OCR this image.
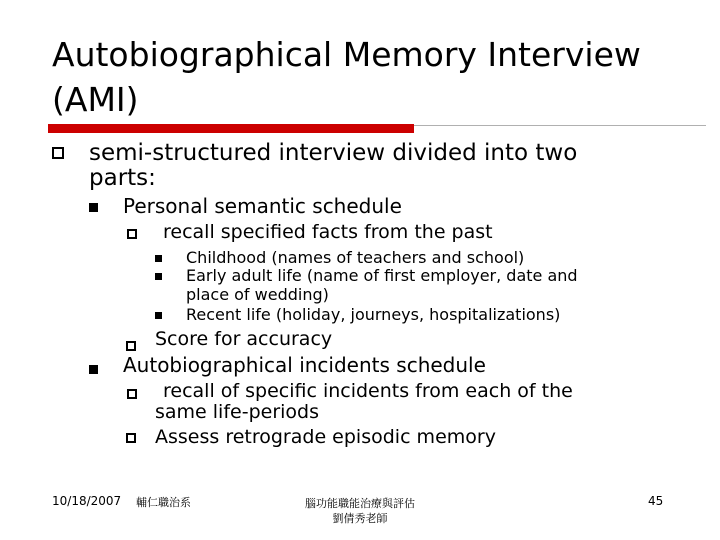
Autobiographical Memory Interview
(AMI)
semi-structured interview divided into two
parts:
Personal semantic schedule
recall specified facts from the past
Childhood (names of teachers and school)
Early adult life (name of first employer, date and
place of wedding)
Recent life (holiday, journeys, hospitalizations)
Score for accuracy
Autobiographical incidents schedule
recall of specific incidents from each of the
same life-periods
Assess retrograde episodic memory
10/18/2007 輔仁職治系	腦功能職能治療與評估
劉倩秀老師
45
